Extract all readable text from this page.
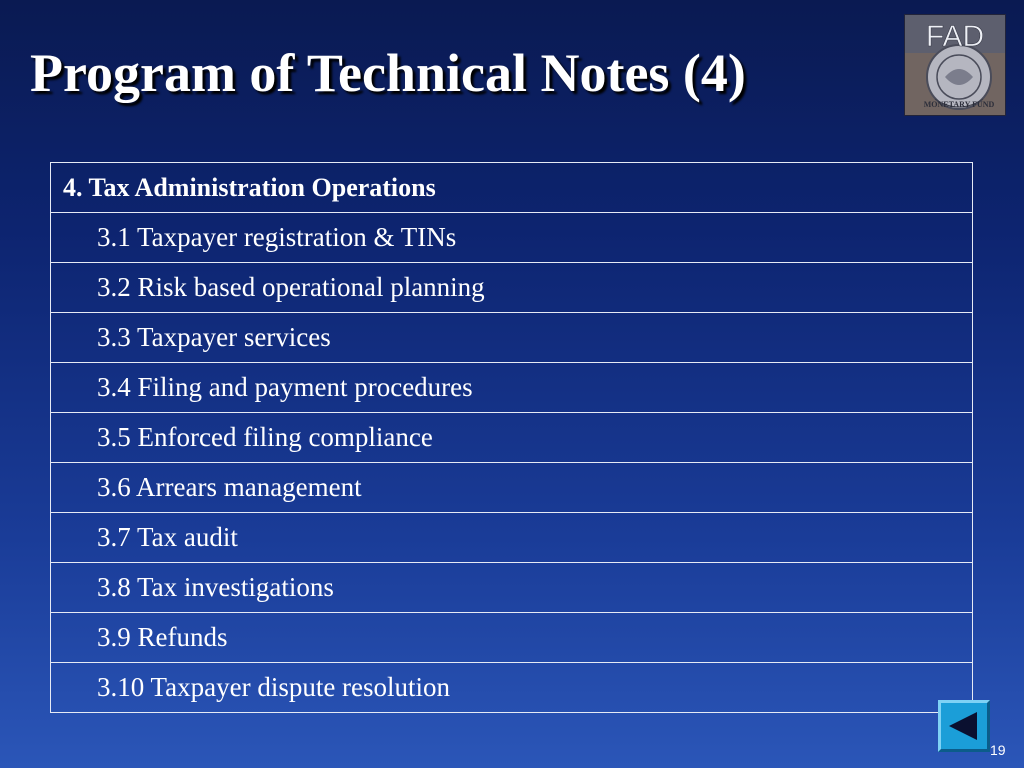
Program of Technical Notes (4)
FAD
MONETARY FUND
4. Tax Administration Operations
3.1 Taxpayer registration & TINs
3.2 Risk based operational planning
3.3 Taxpayer services
3.4 Filing and payment procedures
3.5 Enforced filing compliance
3.6 Arrears management
3.7 Tax audit
3.8 Tax investigations
3.9 Refunds
3.10 Taxpayer dispute resolution
19
